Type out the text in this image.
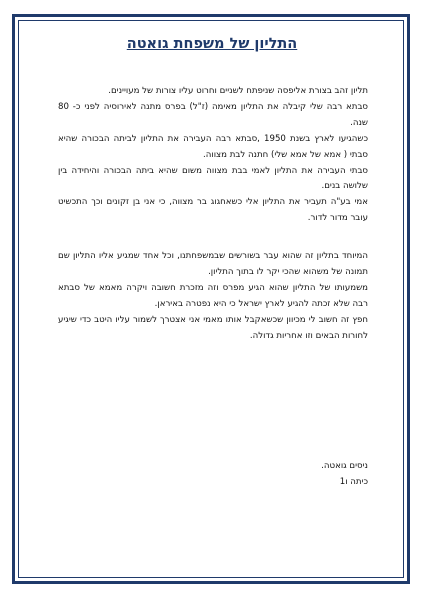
התליון של משפחת גואטה

תליון זהב בצורת אליפסה שניפתח לשניים וחרוט עליו צורות של מעויינים.

סבתא רבה שלי קיבלה את התליון מאימה (ז"ל) בפרס מתנה לאירוסיה לפני כ- 80 שנה.

כשהגיעו לארץ בשנת 1950 ,סבתא רבה העבירה את התליון לביתה הבכורה שהיא סבתי ( אמא של אמא שלי) חתנה לבת מצווה.

סבתי העבירה את התליון לאמי בבת מצווה משום שהיא ביתה הבכורה והיחידה בין שלושה בנים.

אמי בע"ה תעביר את התליון אלי כשאחגוג בר מצווה, כי אני בן זקונים וכך התכשיט עובר מדור לדור.

המיוחד בתליון זה שהוא עבר בשורשים שבמשפחתנו, וכל אחד שמגיע אליו התליון שם תמונה של משהוא שהכי יקר לו בתוך התליון.

משמעותו של התליון שהוא הגיע מפרס וזה מזכרת חשובה ויקרה מאמא של סבתא רבה שלא זכתה להגיע לארץ ישראל כי היא נפטרה באיראן.

חפץ זה חשוב לי מכיוון שכשאקבל אותו מאמי אני אצטרך לשמור עליו היטב כדי שיגיע לחורות הבאים וזו אחריות גדולה.

ניסים גואטה.

כיתה ו1
